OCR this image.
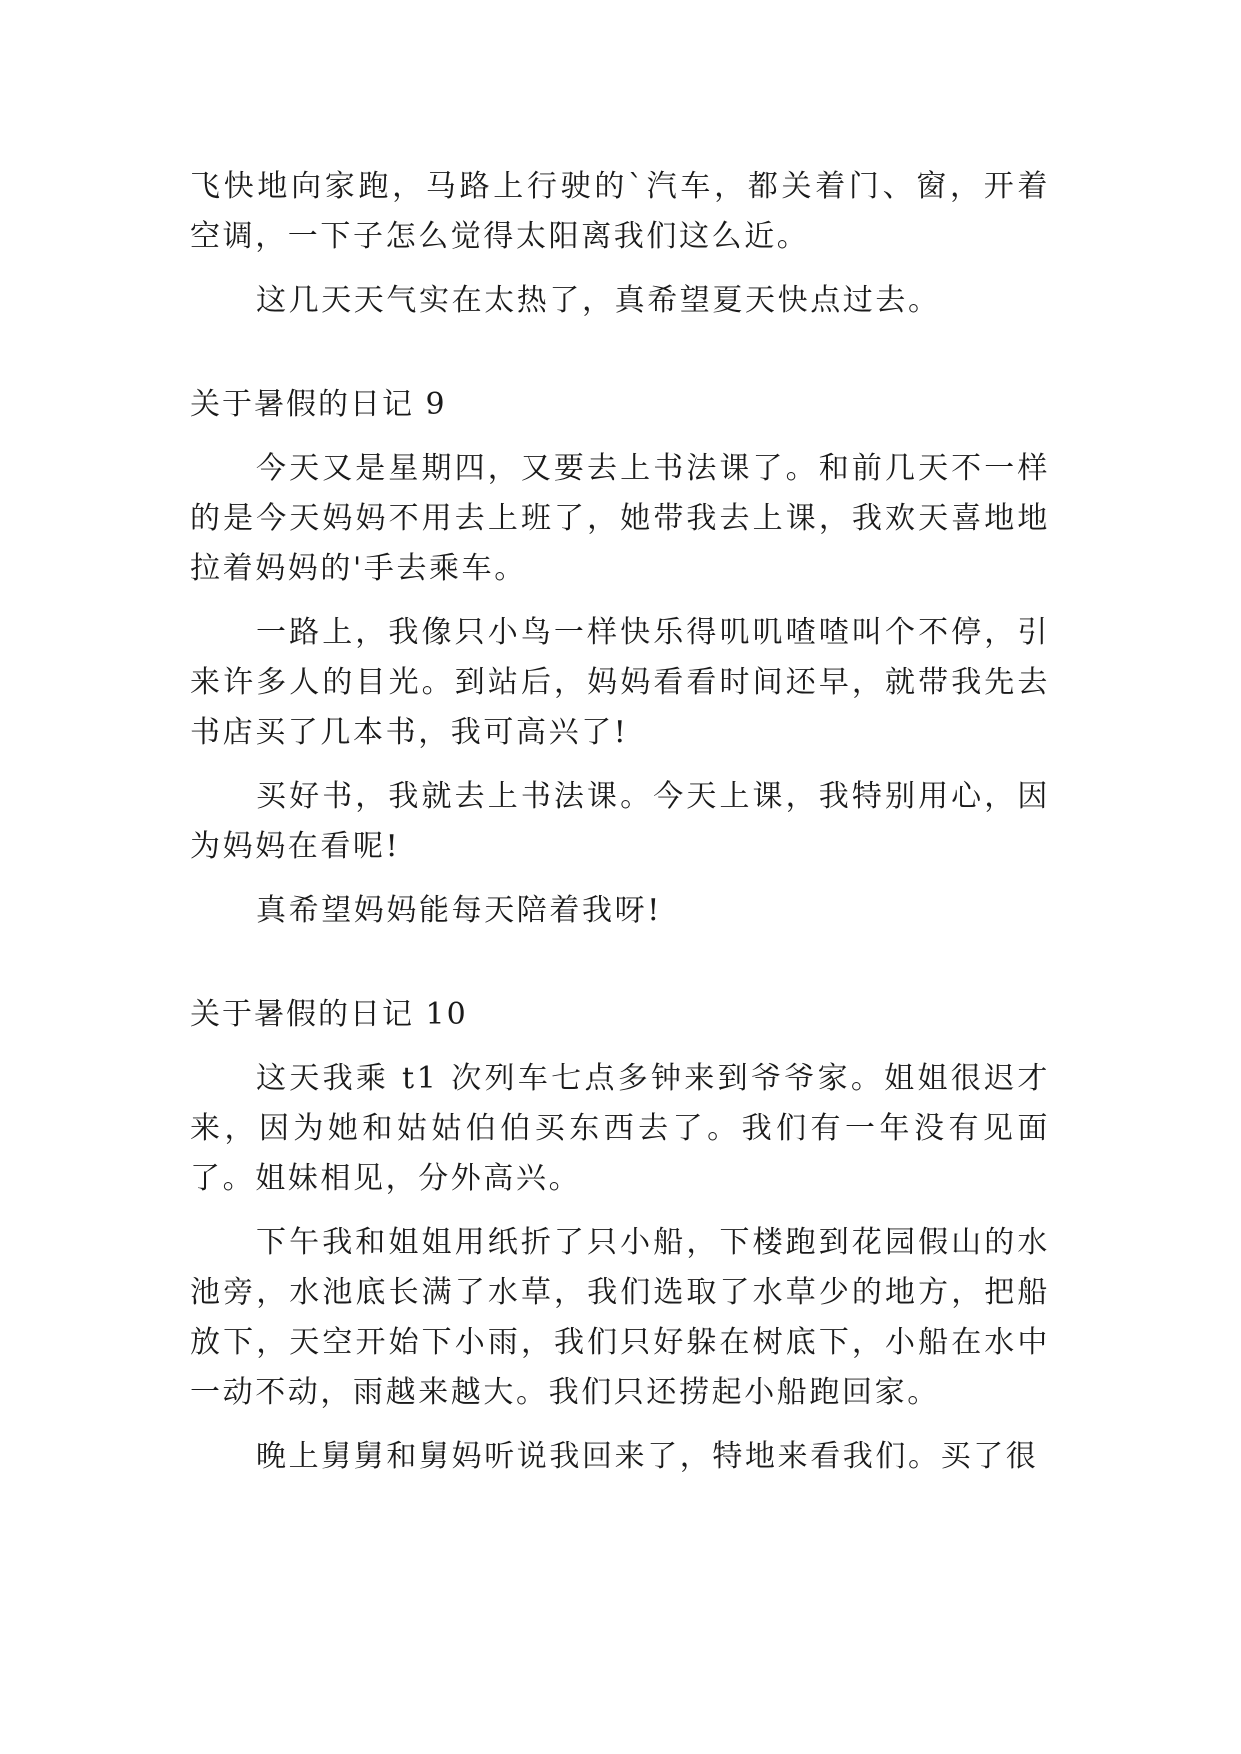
飞快地向家跑，马路上行驶的`汽车，都关着门、窗，开着空调，一下子怎么觉得太阳离我们这么近。

这几天天气实在太热了，真希望夏天快点过去。

关于暑假的日记 9

今天又是星期四，又要去上书法课了。和前几天不一样的是今天妈妈不用去上班了，她带我去上课，我欢天喜地地拉着妈妈的'手去乘车。

一路上，我像只小鸟一样快乐得叽叽喳喳叫个不停，引来许多人的目光。到站后，妈妈看看时间还早，就带我先去书店买了几本书，我可高兴了!

买好书，我就去上书法课。今天上课，我特别用心，因为妈妈在看呢!

真希望妈妈能每天陪着我呀!

关于暑假的日记 10

这天我乘 t1 次列车七点多钟来到爷爷家。姐姐很迟才来，因为她和姑姑伯伯买东西去了。我们有一年没有见面了。姐妹相见，分外高兴。

下午我和姐姐用纸折了只小船，下楼跑到花园假山的水池旁，水池底长满了水草，我们选取了水草少的地方，把船放下，天空开始下小雨，我们只好躲在树底下，小船在水中一动不动，雨越来越大。我们只还捞起小船跑回家。

晚上舅舅和舅妈听说我回来了，特地来看我们。买了很
